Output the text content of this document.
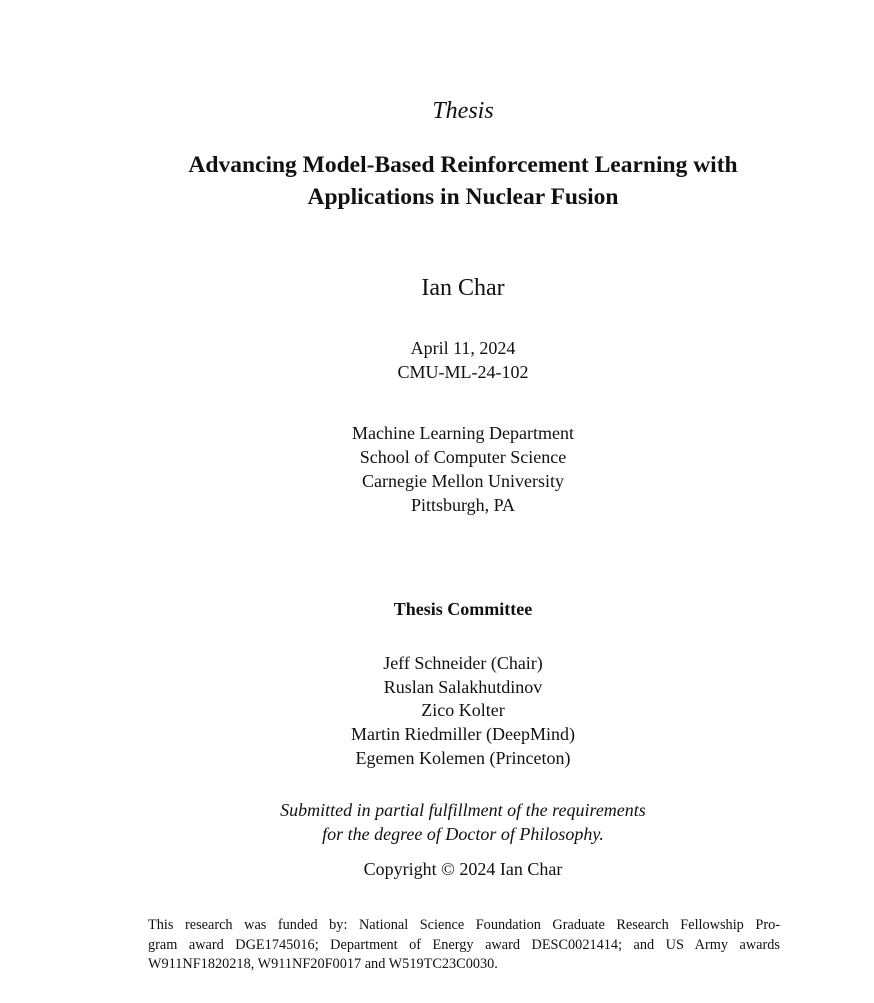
Thesis

Advancing Model-Based Reinforcement Learning with

Applications in Nuclear Fusion

Ian Char

April 11, 2024

CMU-ML-24-102

Machine Learning Department

School of Computer Science

Carnegie Mellon University

Pittsburgh, PA

Thesis Committee

Jeff Schneider (Chair)

Ruslan Salakhutdinov

Zico Kolter

Martin Riedmiller (DeepMind)

Egemen Kolemen (Princeton)

Submitted in partial fulfillment of the requirements

for the degree of Doctor of Philosophy.

Copyright © 2024 Ian Char

This research was funded by: National Science Foundation Graduate Research Fellowship Pro-
gram award DGE1745016; Department of Energy award DESC0021414; and US Army awards
W911NF1820218, W911NF20F0017 and W519TC23C0030.
